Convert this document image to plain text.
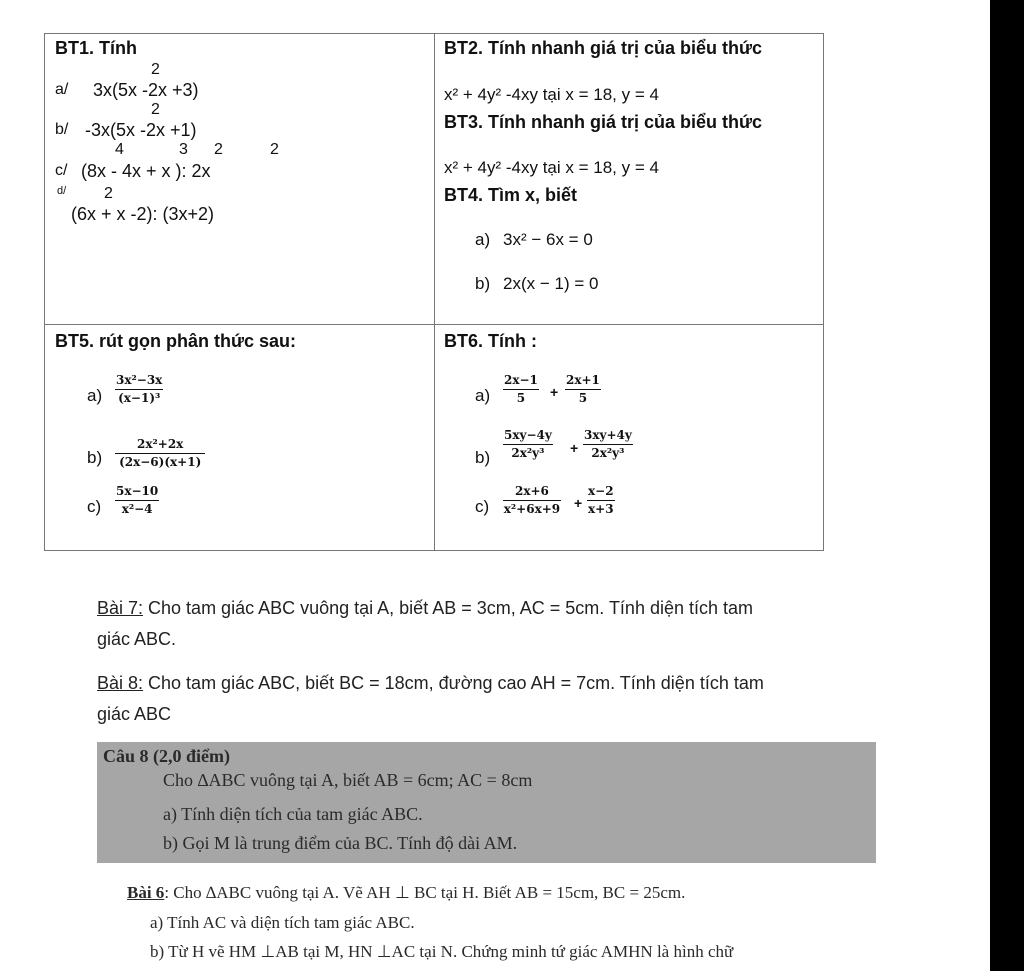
BT1. Tính
a/
2
3x(5x -2x +3)
b/
2
-3x(5x -2x +1)
c/
4	3 2	2
(8x - 4x + x ): 2x
d/ 2
(6x + x -2): (3x+2)
BT2. Tính nhanh giá trị của biểu thức
x² + 4y² -4xy tại x = 18, y = 4
BT3. Tính nhanh giá trị của biểu thức
x² + 4y² -4xy tại x = 18, y = 4
BT4. Tìm x, biết
a) 3x² − 6x = 0
b) 2x(x − 1) = 0
BT5. rút gọn phân thức sau:
$a) \frac{\text{3x²−3x}}{\text{(x−1)³}}$
$b) \frac{\text{2x²+2x}}{(2x-6)(x+1)}$
$c) \frac{5x-10}{\text{x²−4}}$
BT6. Tính :
$a) \frac{2x-1}{5} + \frac{2x+1}{5}$
$b) \frac{5xy-4y}{\text{2x²y³}} + \frac{3xy+4y}{\text{2x²y³}}$
$c) \frac{2x+6}{\text{x²+6x+9}} + \frac{x-2}{x+3}$
Bài 7: Cho tam giác ABC vuông tại A, biết AB = 3cm, AC = 5cm. Tính diện tích tam
giác ABC.
Bài 8: Cho tam giác ABC, biết BC = 18cm, đường cao AH = 7cm. Tính diện tích tam
giác ABC
Câu 8 (2,0 điểm)
Cho ∆ABC vuông tại A, biết AB = 6cm; AC = 8cm
a) Tính diện tích của tam giác ABC.
b) Gọi M là trung điểm của BC. Tính độ dài AM.
Bài 6: Cho ∆ABC vuông tại A. Vẽ AH ⊥ BC tại H. Biết AB = 15cm, BC = 25cm.
a) Tính AC và diện tích tam giác ABC.
b) Từ H vẽ HM ⊥AB tại M, HN ⊥AC tại N. Chứng minh tứ giác AMHN là hình chữ
